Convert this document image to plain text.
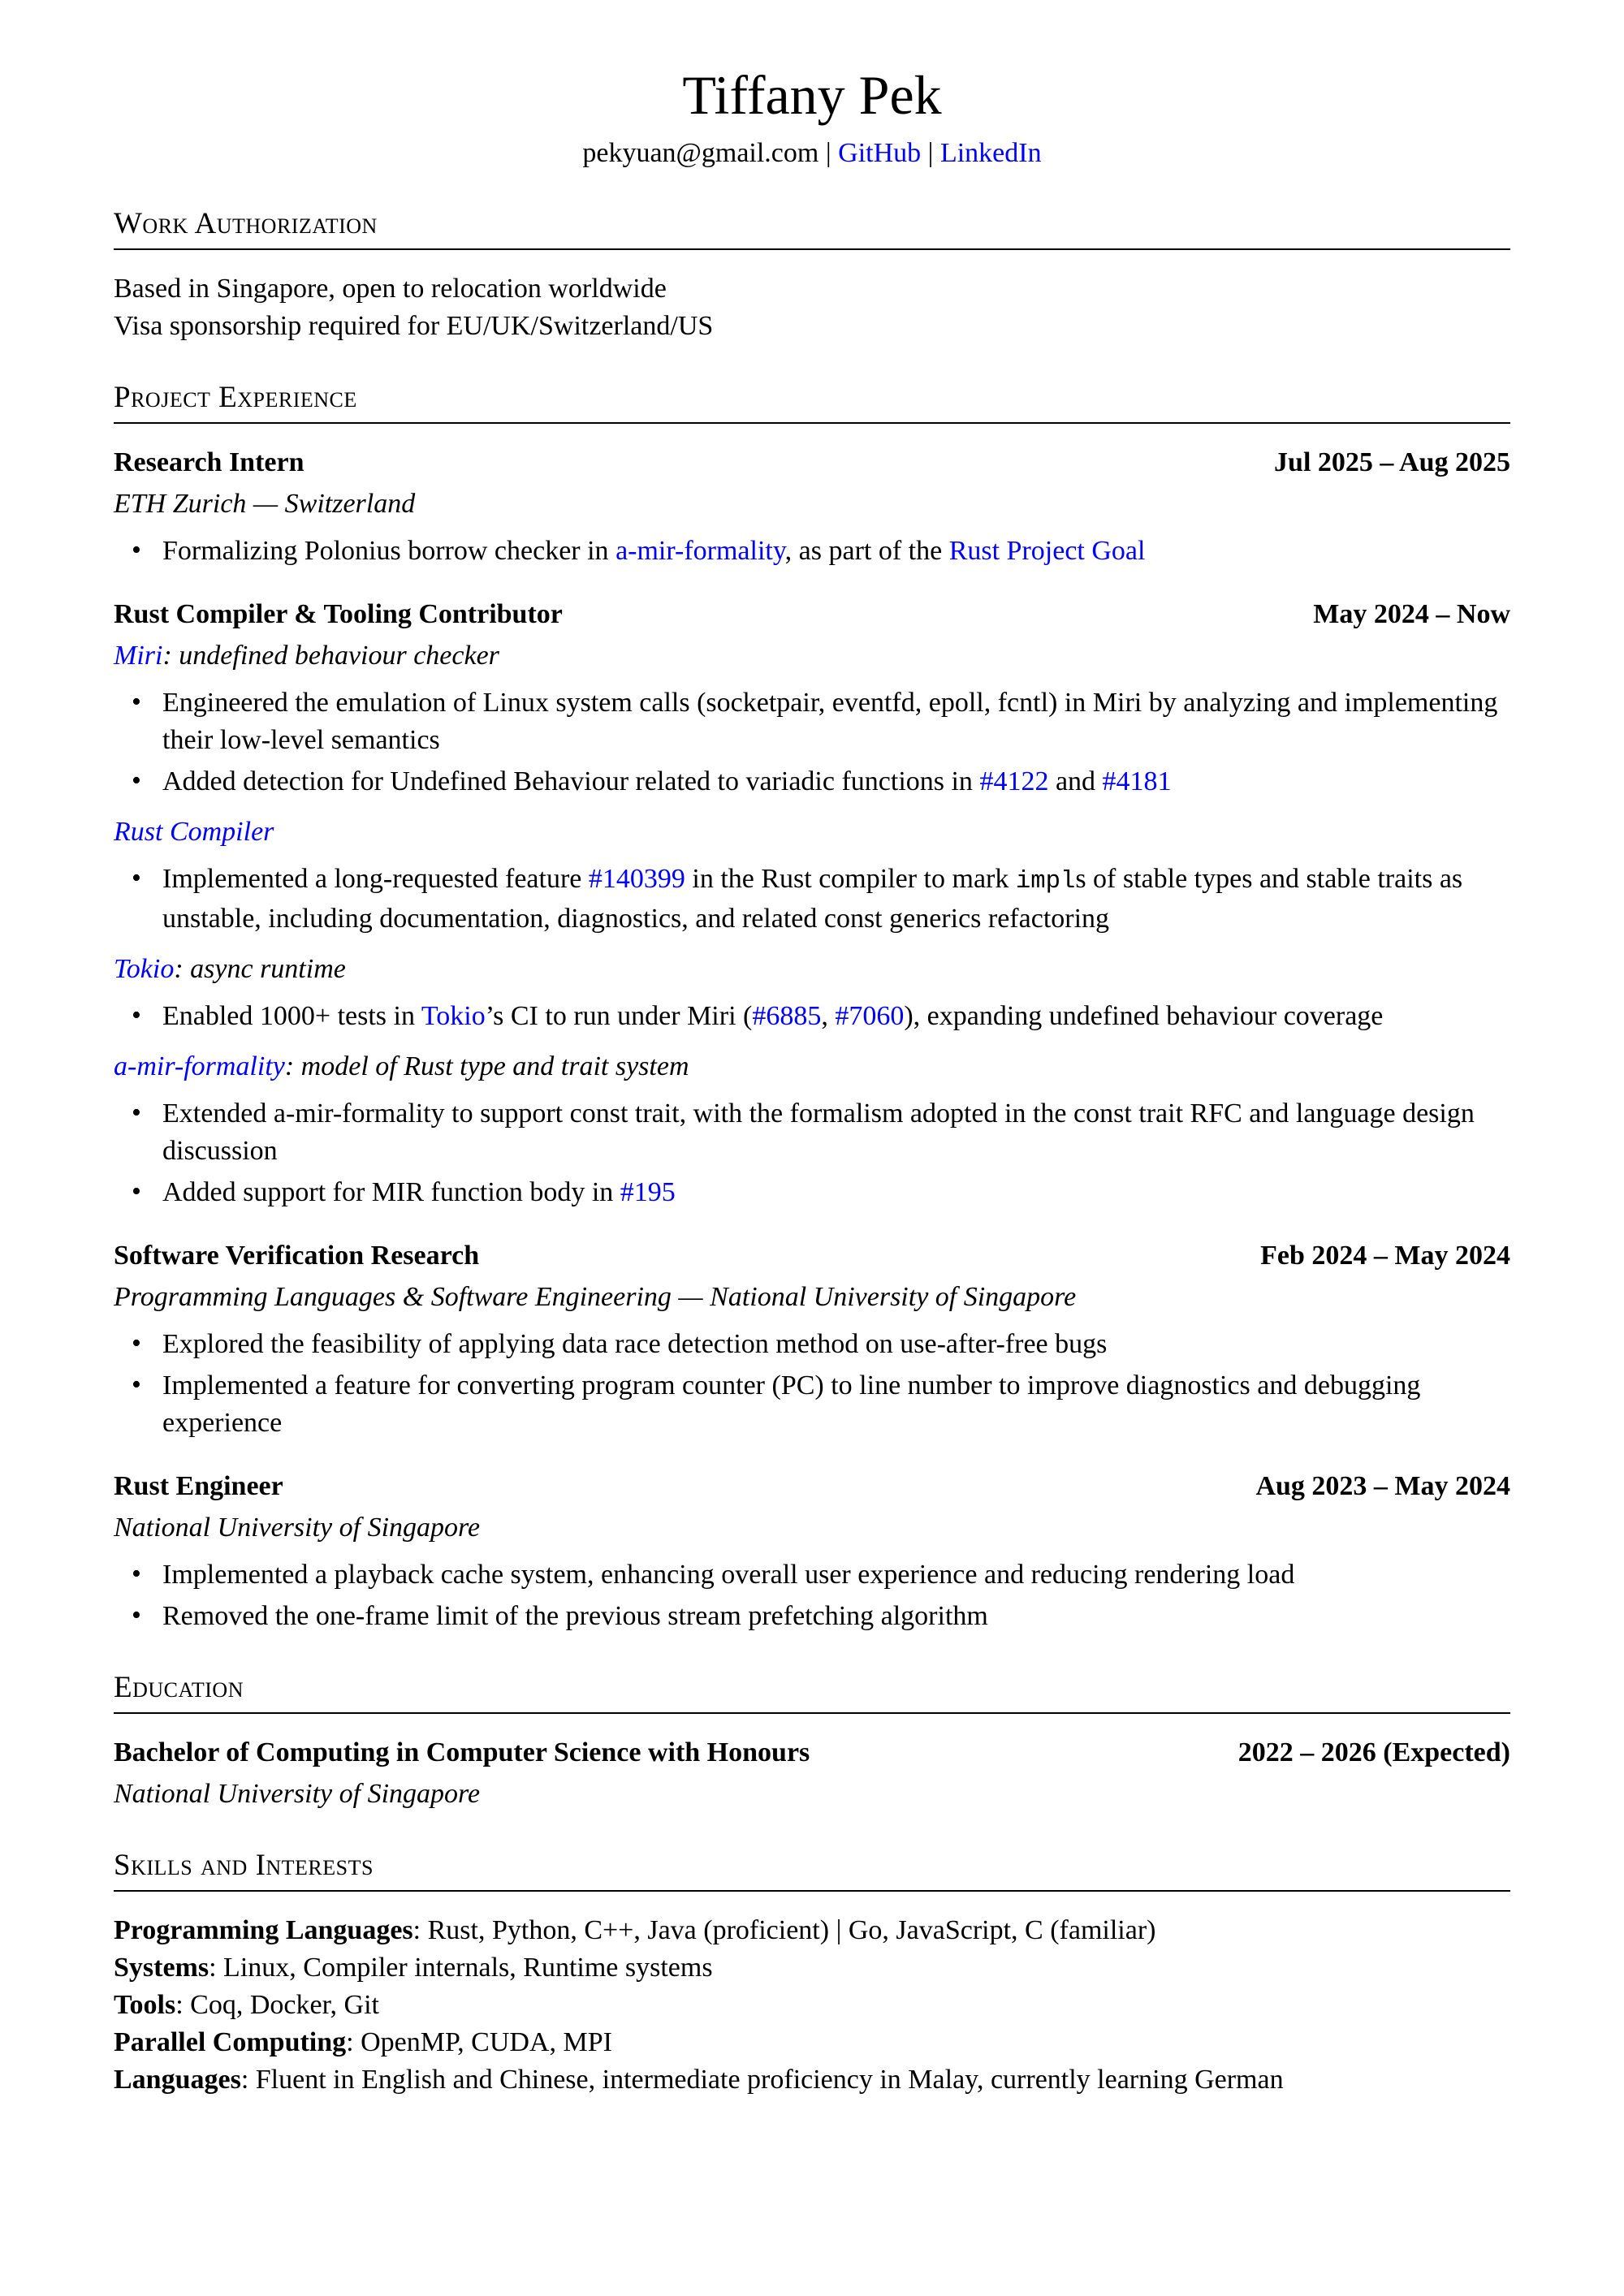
Tiffany Pek
pekyuan@gmail.com | GitHub | LinkedIn
Work Authorization
Based in Singapore, open to relocation worldwide
Visa sponsorship required for EU/UK/Switzerland/US
Project Experience
Research Intern	Jul 2025 – Aug 2025
ETH Zurich — Switzerland
• Formalizing Polonius borrow checker in a-mir-formality, as part of the Rust Project Goal
Rust Compiler & Tooling Contributor	May 2024 – Now
Miri: undefined behaviour checker
• Engineered the emulation of Linux system calls (socketpair, eventfd, epoll, fcntl) in Miri by analyzing and implementing their low-level semantics
• Added detection for Undefined Behaviour related to variadic functions in #4122 and #4181
Rust Compiler
• Implemented a long-requested feature #140399 in the Rust compiler to mark impls of stable types and stable traits as unstable, including documentation, diagnostics, and related const generics refactoring
Tokio: async runtime
• Enabled 1000+ tests in Tokio’s CI to run under Miri (#6885, #7060), expanding undefined behaviour coverage
a-mir-formality: model of Rust type and trait system
• Extended a-mir-formality to support const trait, with the formalism adopted in the const trait RFC and language design discussion
• Added support for MIR function body in #195
Software Verification Research	Feb 2024 – May 2024
Programming Languages & Software Engineering — National University of Singapore
• Explored the feasibility of applying data race detection method on use-after-free bugs
• Implemented a feature for converting program counter (PC) to line number to improve diagnostics and debugging experience
Rust Engineer	Aug 2023 – May 2024
National University of Singapore
• Implemented a playback cache system, enhancing overall user experience and reducing rendering load
• Removed the one-frame limit of the previous stream prefetching algorithm
Education
Bachelor of Computing in Computer Science with Honours	2022 – 2026 (Expected)
National University of Singapore
Skills and Interests
Programming Languages: Rust, Python, C++, Java (proficient) | Go, JavaScript, C (familiar)
Systems: Linux, Compiler internals, Runtime systems
Tools: Coq, Docker, Git
Parallel Computing: OpenMP, CUDA, MPI
Languages: Fluent in English and Chinese, intermediate proficiency in Malay, currently learning German
